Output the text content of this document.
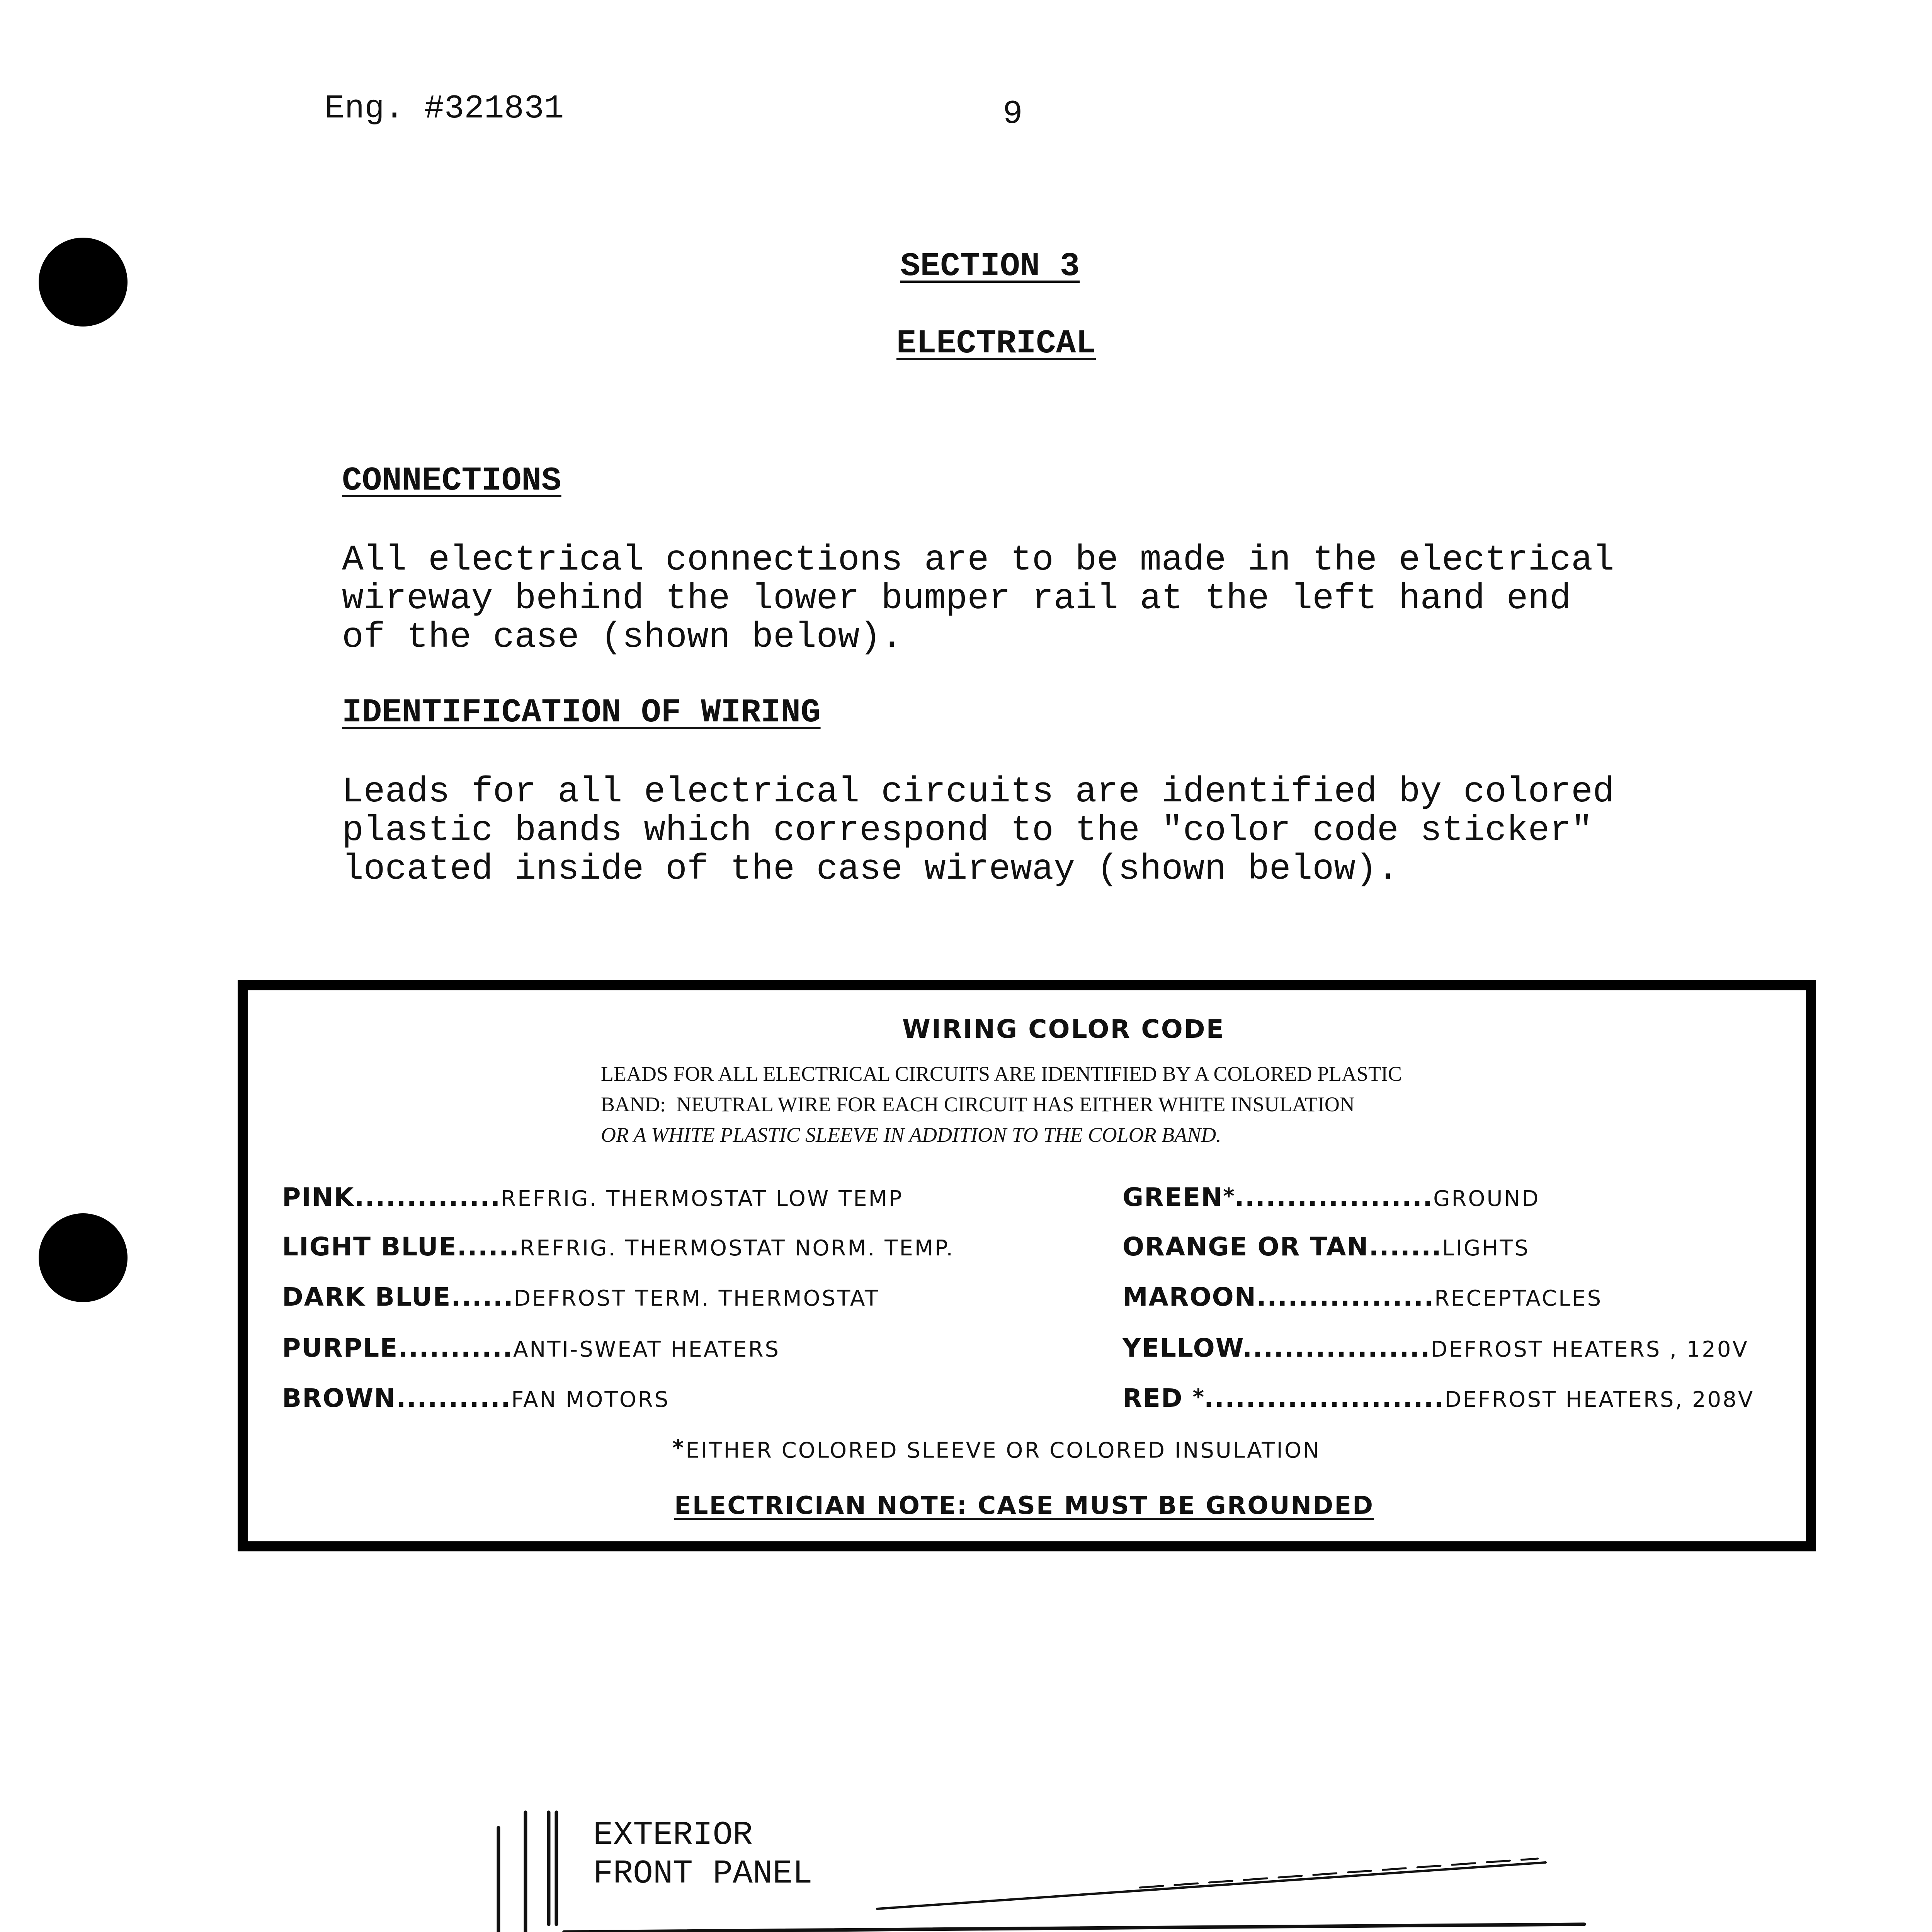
Eng. #321831	9
SECTION 3
ELECTRICAL
CONNECTIONS
All electrical connections are to be made in the electrical
wireway behind the lower bumper rail at the left hand end
of the case (shown below).
IDENTIFICATION OF WIRING
Leads for all electrical circuits are identified by colored
plastic bands which correspond to the "color code sticker"
located inside of the case wireway (shown below).
WIRING COLOR CODE
LEADS FOR ALL ELECTRICAL CIRCUITS ARE IDENTIFIED BY A COLORED PLASTIC
BAND:  NEUTRAL WIRE FOR EACH CIRCUIT HAS EITHER WHITE INSULATION
OR A WHITE PLASTIC SLEEVE IN ADDITION TO THE COLOR BAND.
PINK..............REFRIG. THERMOSTAT LOW TEMP
LIGHT BLUE......REFRIG. THERMOSTAT NORM. TEMP.
DARK BLUE......DEFROST TERM. THERMOSTAT
PURPLE...........ANTI-SWEAT HEATERS
BROWN...........FAN MOTORS
GREEN*...................GROUND
ORANGE OR TAN.......LIGHTS
MAROON.................RECEPTACLES
YELLOW..................DEFROST HEATERS , 120V
RED *.......................DEFROST HEATERS, 208V
* EITHER COLORED SLEEVE OR COLORED INSULATION
ELECTRICIAN NOTE: CASE MUST BE GROUNDED
EXTERIOR
FRONT PANEL
